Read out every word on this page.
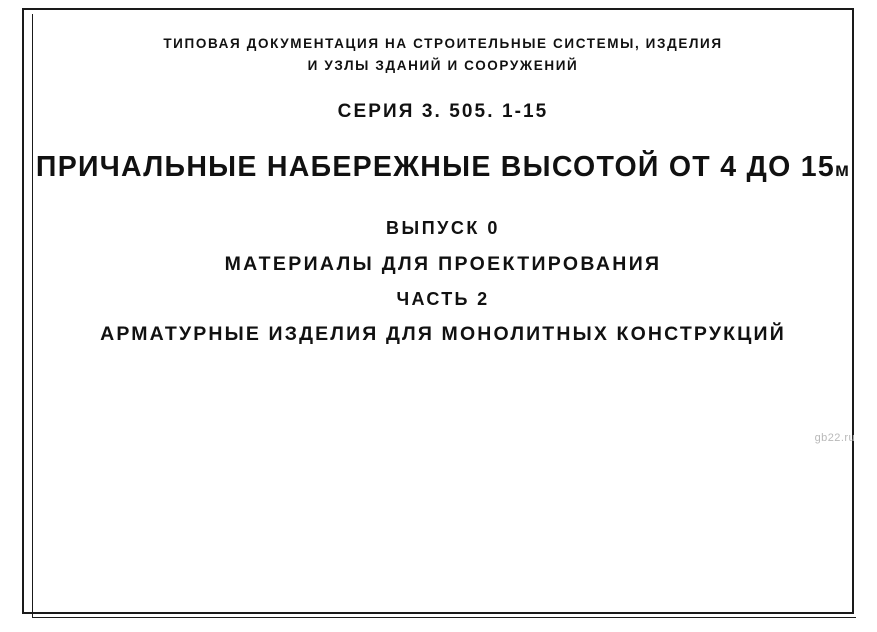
ТИПОВАЯ ДОКУМЕНТАЦИЯ НА СТРОИТЕЛЬНЫЕ СИСТЕМЫ, ИЗДЕЛИЯ
И УЗЛЫ ЗДАНИЙ И СООРУЖЕНИЙ
СЕРИЯ 3. 505. 1-15
ПРИЧАЛЬНЫЕ НАБЕРЕЖНЫЕ ВЫСОТОЙ ОТ 4 ДО 15м
ВЫПУСК 0
МАТЕРИАЛЫ ДЛЯ ПРОЕКТИРОВАНИЯ
ЧАСТЬ 2
АРМАТУРНЫЕ ИЗДЕЛИЯ ДЛЯ МОНОЛИТНЫХ КОНСТРУКЦИЙ
gb22.ru
